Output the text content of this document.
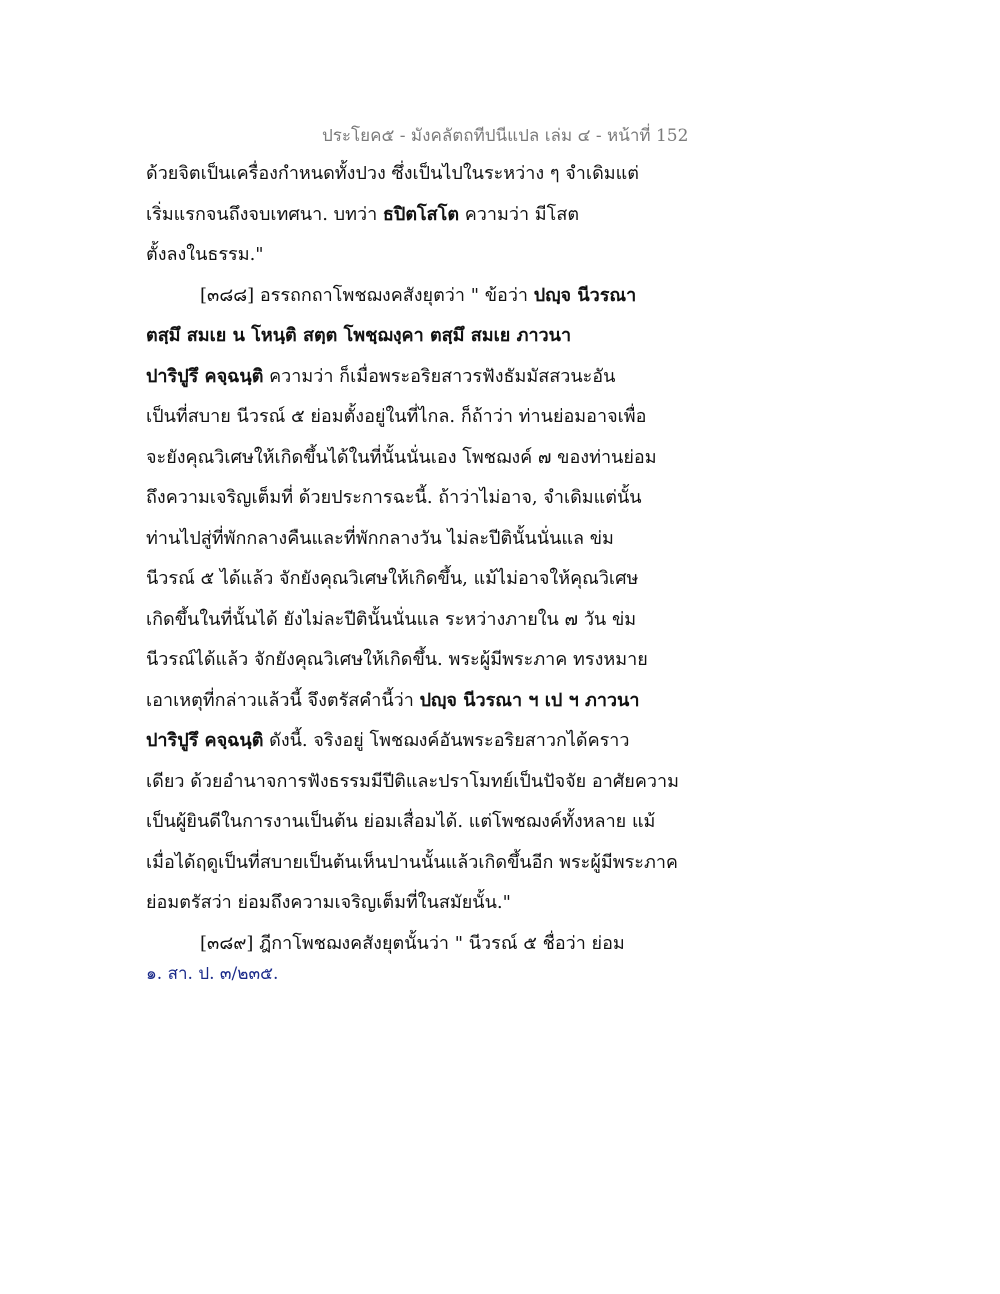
ประโยค๕ - มังคลัตถทีปนีแปล เล่ม ๔ - หน้าที่ 152
ด้วยจิตเป็นเครื่องกำหนดทั้งปวง ซึ่งเป็นไปในระหว่าง ๆ จำเดิมแต่
เริ่มแรกจนถึงจบเทศนา. บทว่า ธปิตโสโต ความว่า มีโสต
ตั้งลงในธรรม."
[๓๘๘] อรรถกถาโพชฌงคสังยุตว่า " ข้อว่า ปญฺจ นีวรณา
ตสฺมึ สมเย น โหนฺติ สตฺต โพชฺฌงฺคา ตสฺมึ สมเย ภาวนา
ปาริปูรึ คจฺฉนฺติ ความว่า ก็เมื่อพระอริยสาวรฟังธัมมัสสวนะอัน
เป็นที่สบาย นีวรณ์ ๕ ย่อมตั้งอยู่ในที่ไกล. ก็ถ้าว่า ท่านย่อมอาจเพื่อ
จะยังคุณวิเศษให้เกิดขึ้นได้ในที่นั้นนั่นเอง โพชฌงค์ ๗ ของท่านย่อม
ถึงความเจริญเต็มที่ ด้วยประการฉะนี้. ถ้าว่าไม่อาจ, จำเดิมแต่นั้น
ท่านไปสู่ที่พักกลางคืนและที่พักกลางวัน ไม่ละปีตินั้นนั่นแล ข่ม
นีวรณ์ ๕ ได้แล้ว จักยังคุณวิเศษให้เกิดขึ้น, แม้ไม่อาจให้คุณวิเศษ
เกิดขึ้นในที่นั้นได้ ยังไม่ละปีตินั้นนั่นแล ระหว่างภายใน ๗ วัน ข่ม
นีวรณ์ได้แล้ว จักยังคุณวิเศษให้เกิดขึ้น. พระผู้มีพระภาค ทรงหมาย
เอาเหตุที่กล่าวแล้วนี้ จึงตรัสคำนี้ว่า ปญฺจ นีวรณา ฯ เป ฯ ภาวนา
ปาริปูรึ คจฺฉนฺติ ดังนี้. จริงอยู่ โพชฌงค์อันพระอริยสาวกได้คราว
เดียว ด้วยอำนาจการฟังธรรมมีปีติและปราโมทย์เป็นปัจจัย อาศัยความ
เป็นผู้ยินดีในการงานเป็นต้น ย่อมเสื่อมได้. แต่โพชฌงค์ทั้งหลาย แม้
เมื่อได้ฤดูเป็นที่สบายเป็นต้นเห็นปานนั้นแล้วเกิดขึ้นอีก พระผู้มีพระภาค
ย่อมตรัสว่า ย่อมถึงความเจริญเต็มที่ในสมัยนั้น."
[๓๘๙] ฎีกาโพชฌงคสังยุตนั้นว่า " นีวรณ์ ๕ ชื่อว่า ย่อม
๑. สา. ป. ๓/๒๓๕.
